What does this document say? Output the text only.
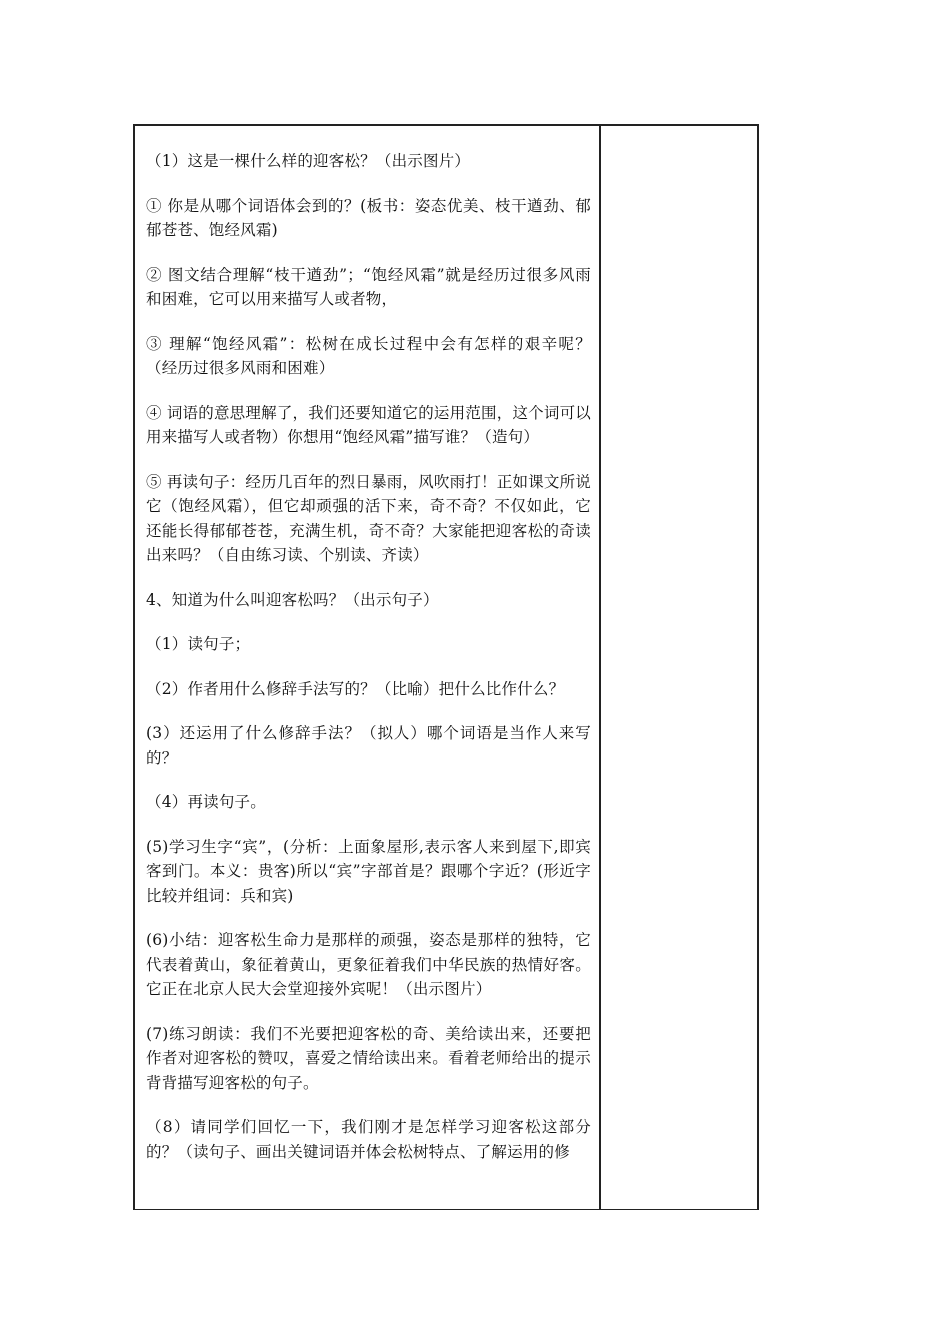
（1）这是一棵什么样的迎客松？（出示图片）

① 你是从哪个词语体会到的？(板书：姿态优美、枝干遒劲、郁郁苍苍、饱经风霜)

② 图文结合理解“枝干遒劲”；“饱经风霜”就是经历过很多风雨和困难，它可以用来描写人或者物，

③ 理解“饱经风霜”：松树在成长过程中会有怎样的艰辛呢？（经历过很多风雨和困难）

④ 词语的意思理解了，我们还要知道它的运用范围，这个词可以用来描写人或者物）你想用“饱经风霜”描写谁？（造句）

⑤ 再读句子：经历几百年的烈日暴雨，风吹雨打！正如课文所说它（饱经风霜），但它却顽强的活下来，奇不奇？不仅如此，它还能长得郁郁苍苍，充满生机，奇不奇？大家能把迎客松的奇读出来吗？（自由练习读、个别读、齐读）

4、知道为什么叫迎客松吗？（出示句子）

（1）读句子；

（2）作者用什么修辞手法写的？（比喻）把什么比作什么？

(3）还运用了什么修辞手法？（拟人）哪个词语是当作人来写的？

（4）再读句子。

(5)学习生字“宾”，(分析：上面象屋形,表示客人来到屋下,即宾客到门。本义：贵客)所以“宾”字部首是？跟哪个字近？(形近字比较并组词：兵和宾)

(6)小结：迎客松生命力是那样的顽强，姿态是那样的独特，它代表着黄山，象征着黄山，更象征着我们中华民族的热情好客。它正在北京人民大会堂迎接外宾呢！（出示图片）

(7)练习朗读：我们不光要把迎客松的奇、美给读出来，还要把作者对迎客松的赞叹，喜爱之情给读出来。看着老师给出的提示背背描写迎客松的句子。

（8）请同学们回忆一下，我们刚才是怎样学习迎客松这部分的？（读句子、画出关键词语并体会松树特点、了解运用的修
